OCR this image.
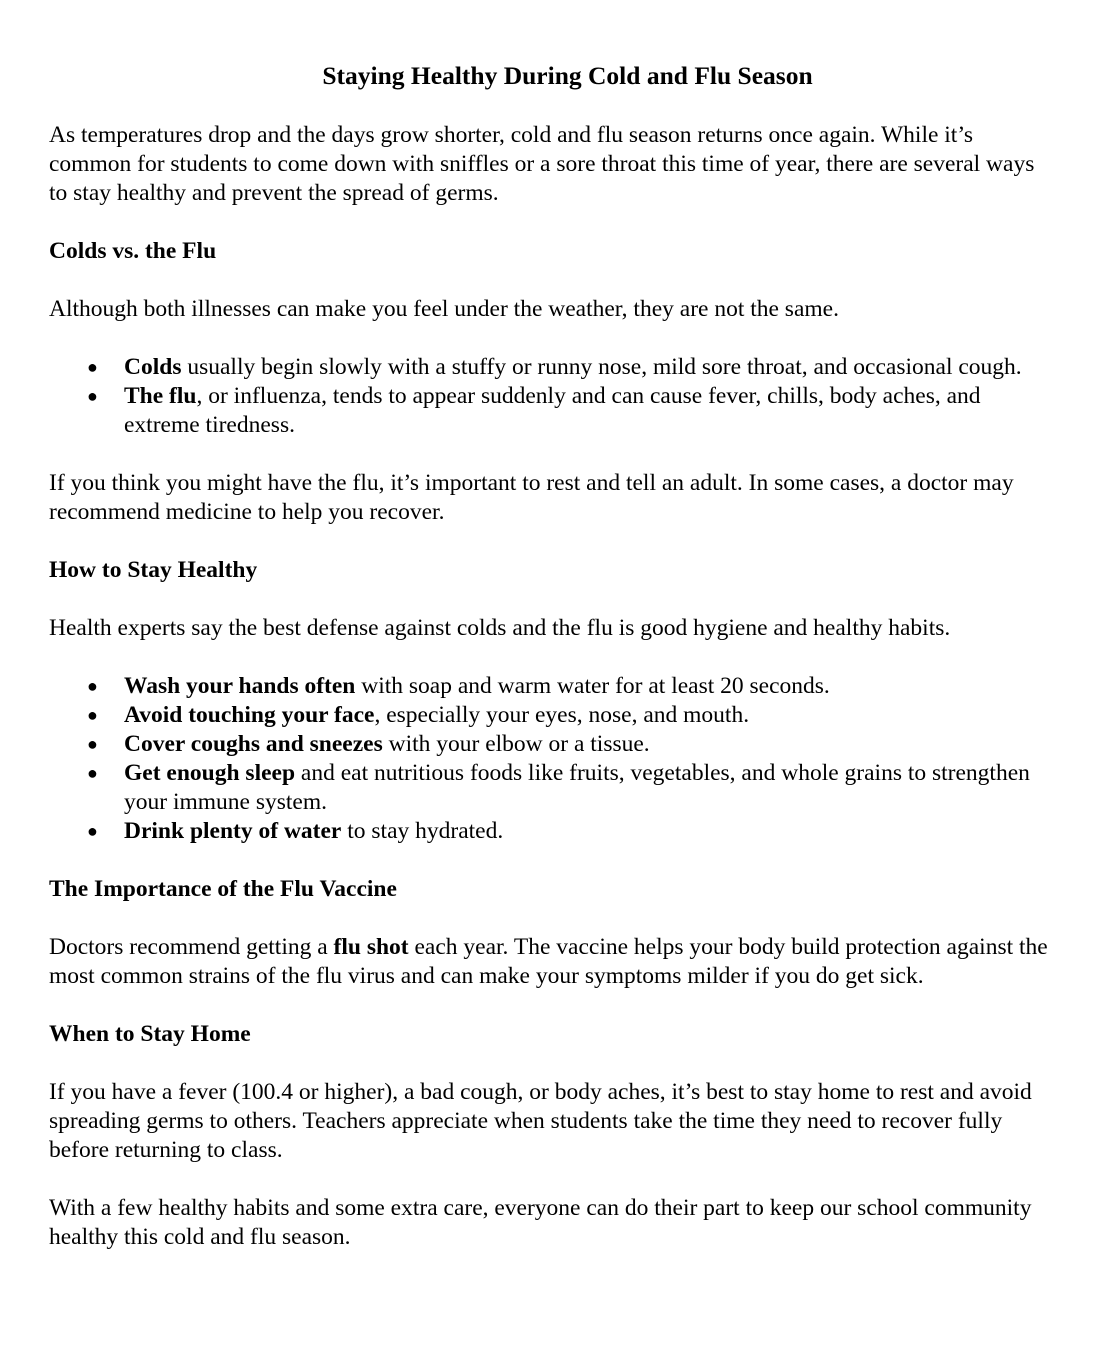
Staying Healthy During Cold and Flu Season

As temperatures drop and the days grow shorter, cold and flu season returns once again. While it’s common for students to come down with sniffles or a sore throat this time of year, there are several ways to stay healthy and prevent the spread of germs.

Colds vs. the Flu

Although both illnesses can make you feel under the weather, they are not the same.

● Colds usually begin slowly with a stuffy or runny nose, mild sore throat, and occasional cough.
● The flu, or influenza, tends to appear suddenly and can cause fever, chills, body aches, and extreme tiredness.

If you think you might have the flu, it’s important to rest and tell an adult. In some cases, a doctor may recommend medicine to help you recover.

How to Stay Healthy

Health experts say the best defense against colds and the flu is good hygiene and healthy habits.

● Wash your hands often with soap and warm water for at least 20 seconds.
● Avoid touching your face, especially your eyes, nose, and mouth.
● Cover coughs and sneezes with your elbow or a tissue.
● Get enough sleep and eat nutritious foods like fruits, vegetables, and whole grains to strengthen your immune system.
● Drink plenty of water to stay hydrated.

The Importance of the Flu Vaccine

Doctors recommend getting a flu shot each year. The vaccine helps your body build protection against the most common strains of the flu virus and can make your symptoms milder if you do get sick.

When to Stay Home

If you have a fever (100.4 or higher), a bad cough, or body aches, it’s best to stay home to rest and avoid spreading germs to others. Teachers appreciate when students take the time they need to recover fully before returning to class.

With a few healthy habits and some extra care, everyone can do their part to keep our school community healthy this cold and flu season.
